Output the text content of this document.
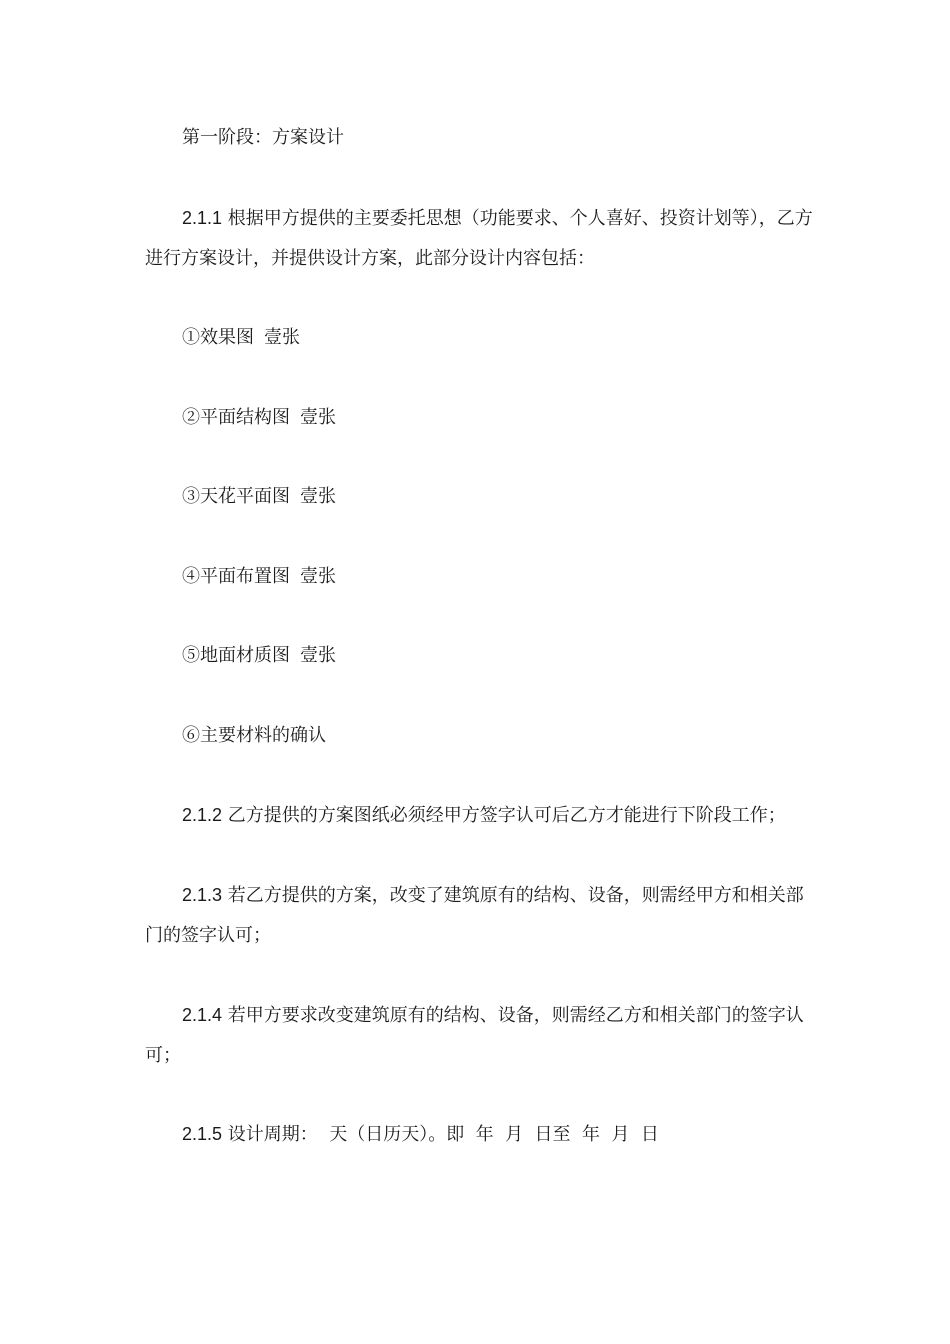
第一阶段：方案设计

2.1.1 根据甲方提供的主要委托思想（功能要求、个人喜好、投资计划等），乙方进行方案设计，并提供设计方案，此部分设计内容包括：

①效果图 壹张

②平面结构图 壹张

③天花平面图 壹张

④平面布置图 壹张

⑤地面材质图 壹张

⑥主要材料的确认

2.1.2 乙方提供的方案图纸必须经甲方签字认可后乙方才能进行下阶段工作；

2.1.3 若乙方提供的方案，改变了建筑原有的结构、设备，则需经甲方和相关部门的签字认可；

2.1.4 若甲方要求改变建筑原有的结构、设备，则需经乙方和相关部门的签字认可；

2.1.5 设计周期：  天（日历天）。即  年  月  日至  年  月  日
